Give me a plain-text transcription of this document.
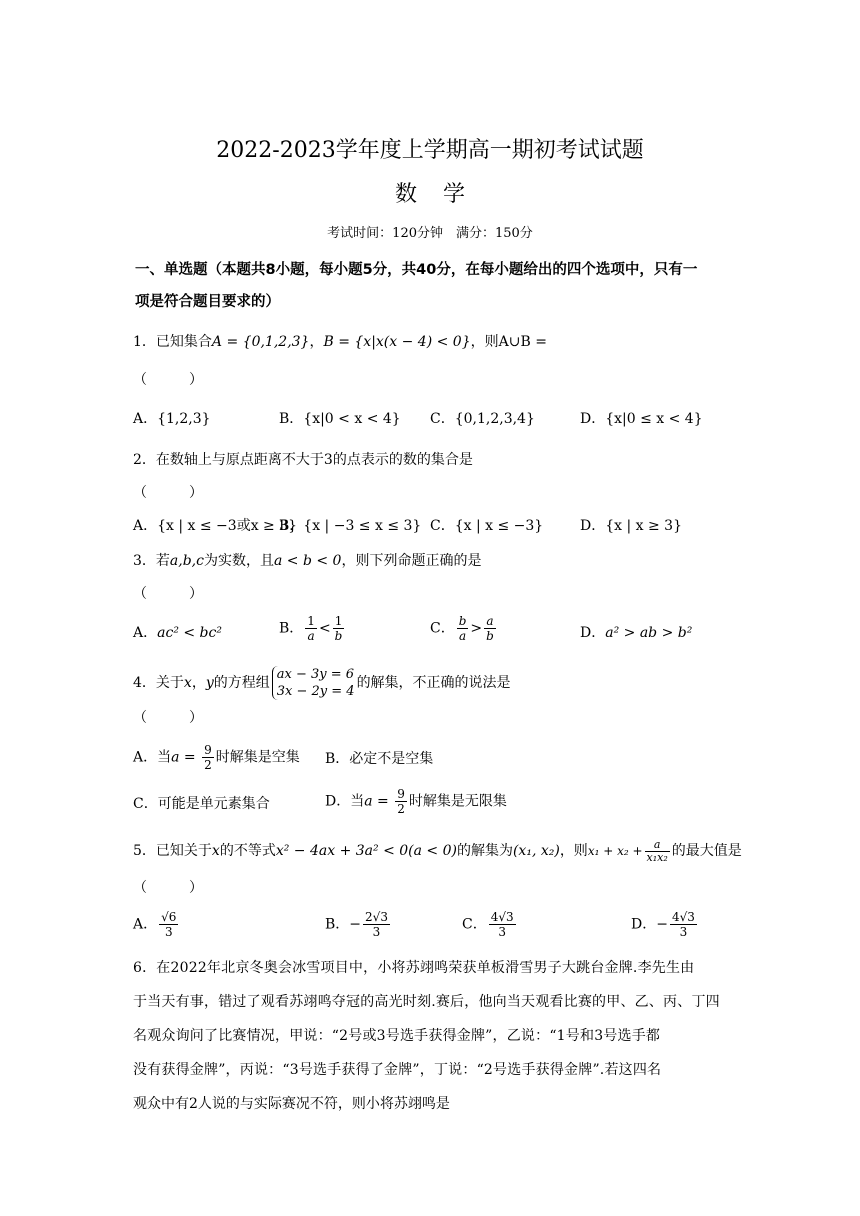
2022-2023学年度上学期高一期初考试试题
数学
考试时间：120分钟　满分：150分
一、单选题（本题共8小题，每小题5分，共40分，在每小题给出的四个选项中，只有一
项是符合题目要求的）
1．已知集合A = {0,1,2,3}，B = {x|x(x − 4) < 0}，则A∪B =
（　　　）
A．{1,2,3}	B．{x|0 < x < 4} C．{0,1,2,3,4}	D．{x|0 ≤ x < 4}
2．在数轴上与原点距离不大于3的点表示的数的集合是
（　　　）
A．{x | x ≤ −3或x ≥ 3}
B．{x | −3 ≤ x ≤ 3} C．{x | x ≤ −3}	D．{x | x ≥ 3}
3．若a,b,c为实数，且a < b < 0，则下列命题正确的是
（　　　）
A．ac² < bc²	B． $\frac{1}{a} < \frac{1}{b}$	C． $\frac{b}{a} > \frac{a}{b}$	D．a² > ab > b²
4．关于x，y的方程组
ax − 3y = 6
3x − 2y = 4
的解集，不正确的说法是
（　　　）
A．当$a = \frac{9}{2}$ 时解集是空集 B．必定不是空集
C．可能是单元素集合	D．当$a = \frac{9}{2}$ 时解集是无限集
5．已知关于x的不等式x² − 4ax + 3a² < 0(a < 0)的解集为(x₁, x₂)，则$x_1 + x_2 + \frac{a}{\text{x₁x₂}}$ 的最大值是
（　　　）
A． $\frac{√6}{3}$	B．− $\frac{2√3}{3}$	C． $\frac{4√3}{3}$	D．− $\frac{4√3}{3}$
6．在2022年北京冬奥会冰雪项目中，小将苏翊鸣荣获单板滑雪男子大跳台金牌.李先生由
于当天有事，错过了观看苏翊鸣夺冠的高光时刻.赛后，他向当天观看比赛的甲、乙、丙、丁四
名观众询问了比赛情况，甲说：“2号或3号选手获得金牌”，乙说：“1号和3号选手都
没有获得金牌”，丙说：“3号选手获得了金牌”，丁说：“2号选手获得金牌”.若这四名
观众中有2人说的与实际赛况不符，则小将苏翊鸣是
